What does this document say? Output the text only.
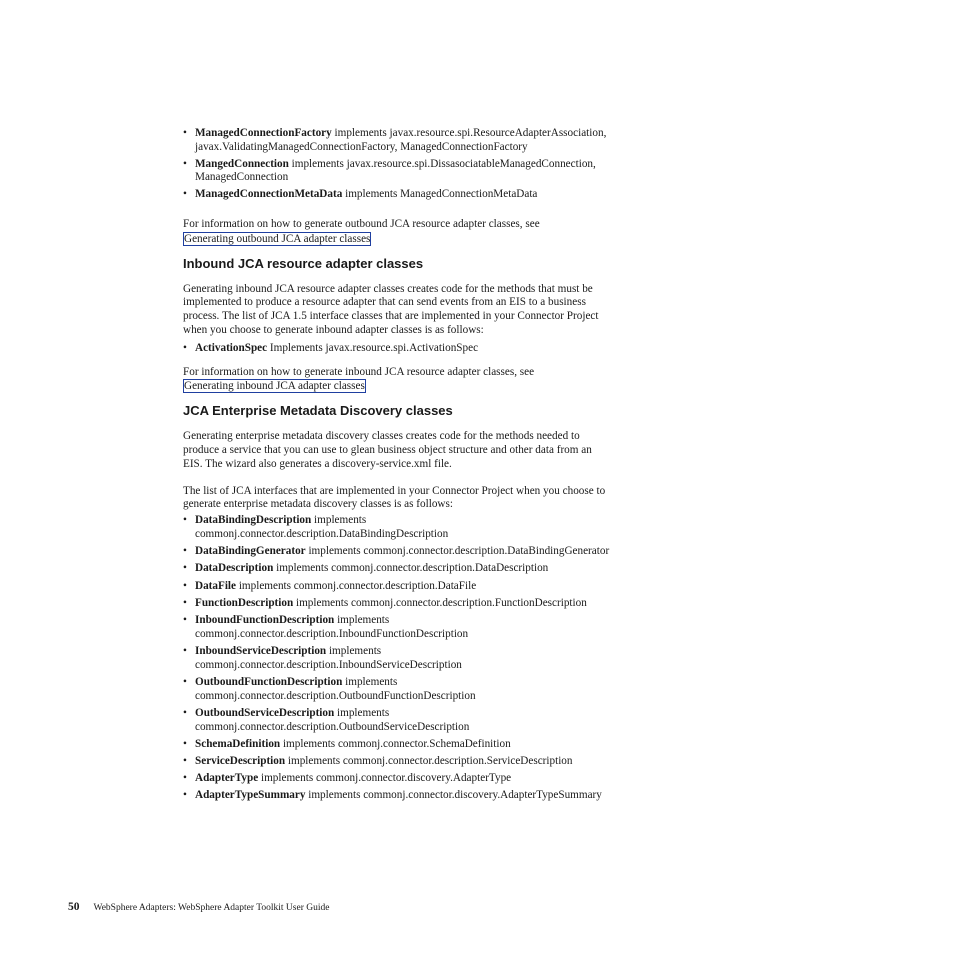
• ManagedConnectionFactory implements javax.resource.spi.ResourceAdapterAssociation, javax.ValidatingManagedConnectionFactory, ManagedConnectionFactory
• MangedConnection implements javax.resource.spi.DissasociatableManagedConnection, ManagedConnection
• ManagedConnectionMetaData implements ManagedConnectionMetaData

For information on how to generate outbound JCA resource adapter classes, see Generating outbound JCA adapter classes

Inbound JCA resource adapter classes

Generating inbound JCA resource adapter classes creates code for the methods that must be implemented to produce a resource adapter that can send events from an EIS to a business process. The list of JCA 1.5 interface classes that are implemented in your Connector Project when you choose to generate inbound adapter classes is as follows:

• ActivationSpec Implements javax.resource.spi.ActivationSpec

For information on how to generate inbound JCA resource adapter classes, see Generating inbound JCA adapter classes

JCA Enterprise Metadata Discovery classes

Generating enterprise metadata discovery classes creates code for the methods needed to produce a service that you can use to glean business object structure and other data from an EIS. The wizard also generates a discovery-service.xml file.

The list of JCA interfaces that are implemented in your Connector Project when you choose to generate enterprise metadata discovery classes is as follows:

• DataBindingDescription implements commonj.connector.description.DataBindingDescription
• DataBindingGenerator implements commonj.connector.description.DataBindingGenerator
• DataDescription implements commonj.connector.description.DataDescription
• DataFile implements commonj.connector.description.DataFile
• FunctionDescription implements commonj.connector.description.FunctionDescription
• InboundFunctionDescription implements commonj.connector.description.InboundFunctionDescription
• InboundServiceDescription implements commonj.connector.description.InboundServiceDescription
• OutboundFunctionDescription implements commonj.connector.description.OutboundFunctionDescription
• OutboundServiceDescription implements commonj.connector.description.OutboundServiceDescription
• SchemaDefinition implements commonj.connector.SchemaDefinition
• ServiceDescription implements commonj.connector.description.ServiceDescription
• AdapterType implements commonj.connector.discovery.AdapterType
• AdapterTypeSummary implements commonj.connector.discovery.AdapterTypeSummary
50 WebSphere Adapters: WebSphere Adapter Toolkit User Guide
